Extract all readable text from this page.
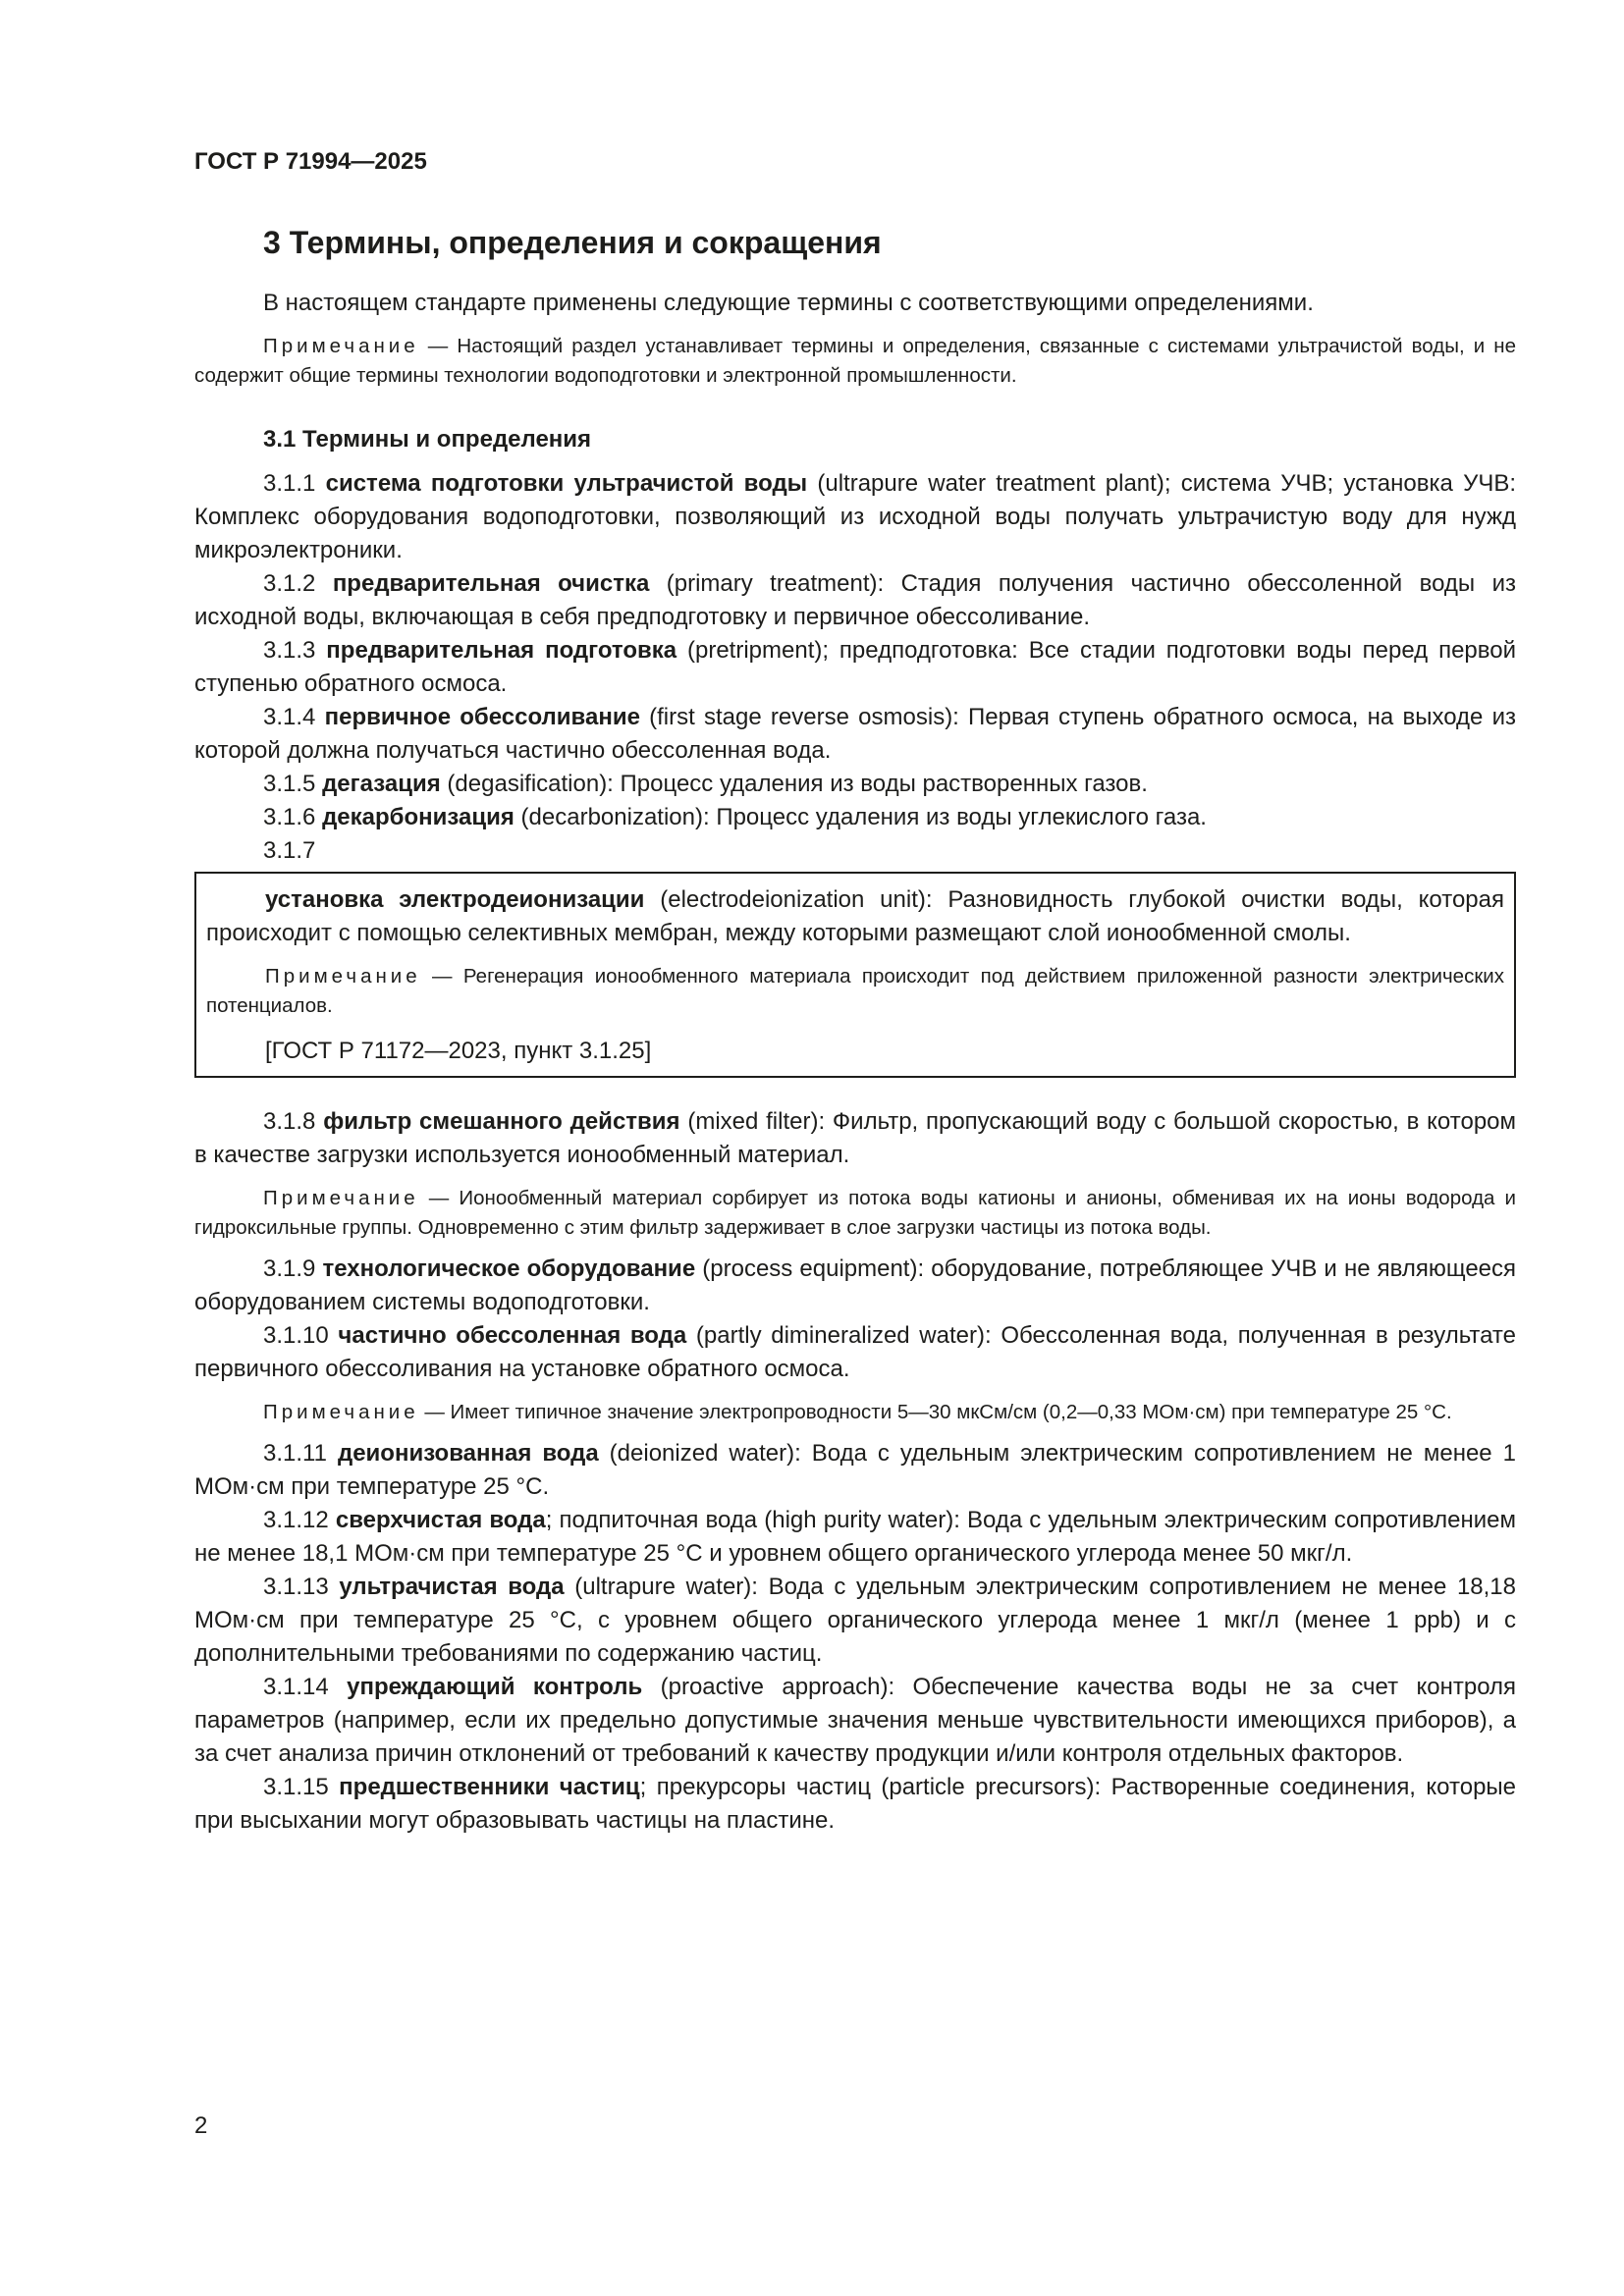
ГОСТ Р 71994—2025
3 Термины, определения и сокращения

В настоящем стандарте применены следующие термины с соответствующими определениями.

Примечание — Настоящий раздел устанавливает термины и определения, связанные с системами ультрачистой воды, и не содержит общие термины технологии водоподготовки и электронной промышленности.

3.1 Термины и определения

3.1.1 система подготовки ультрачистой воды (ultrapure water treatment plant); система УЧВ; установка УЧВ: Комплекс оборудования водоподготовки, позволяющий из исходной воды получать ультрачистую воду для нужд микроэлектроники.

3.1.2 предварительная очистка (primary treatment): Стадия получения частично обессоленной воды из исходной воды, включающая в себя предподготовку и первичное обессоливание.

3.1.3 предварительная подготовка (pretripment); предподготовка: Все стадии подготовки воды перед первой ступенью обратного осмоса.

3.1.4 первичное обессоливание (first stage reverse osmosis): Первая ступень обратного осмоса, на выходе из которой должна получаться частично обессоленная вода.

3.1.5 дегазация (degasification): Процесс удаления из воды растворенных газов.

3.1.6 декарбонизация (decarbonization): Процесс удаления из воды углекислого газа.

3.1.7

установка электродеионизации (electrodeionization unit): Разновидность глубокой очистки воды, которая происходит с помощью селективных мембран, между которыми размещают слой ионообменной смолы.

Примечание — Регенерация ионообменного материала происходит под действием приложенной разности электрических потенциалов.

[ГОСТ Р 71172—2023, пункт 3.1.25]

3.1.8 фильтр смешанного действия (mixed filter): Фильтр, пропускающий воду с большой скоростью, в котором в качестве загрузки используется ионообменный материал.

Примечание — Ионообменный материал сорбирует из потока воды катионы и анионы, обменивая их на ионы водорода и гидроксильные группы. Одновременно с этим фильтр задерживает в слое загрузки частицы из потока воды.

3.1.9 технологическое оборудование (process equipment): оборудование, потребляющее УЧВ и не являющееся оборудованием системы водоподготовки.

3.1.10 частично обессоленная вода (partly dimineralized water): Обессоленная вода, полученная в результате первичного обессоливания на установке обратного осмоса.

Примечание — Имеет типичное значение электропроводности 5—30 мкСм/см (0,2—0,33 МОм·см) при температуре 25 °С.

3.1.11 деионизованная вода (deionized water): Вода с удельным электрическим сопротивлением не менее 1 МОм·см при температуре 25 °С.

3.1.12 сверхчистая вода; подпиточная вода (high purity water): Вода с удельным электрическим сопротивлением не менее 18,1 МОм·см при температуре 25 °С и уровнем общего органического углерода менее 50 мкг/л.

3.1.13 ультрачистая вода (ultrapure water): Вода с удельным электрическим сопротивлением не менее 18,18 МОм·см при температуре 25 °С, с уровнем общего органического углерода менее 1 мкг/л (менее 1 ppb) и с дополнительными требованиями по содержанию частиц.

3.1.14 упреждающий контроль (proactive approach): Обеспечение качества воды не за счет контроля параметров (например, если их предельно допустимые значения меньше чувствительности имеющихся приборов), а за счет анализа причин отклонений от требований к качеству продукции и/или контроля отдельных факторов.

3.1.15 предшественники частиц; прекурсоры частиц (particle precursors): Растворенные соединения, которые при высыхании могут образовывать частицы на пластине.

2
